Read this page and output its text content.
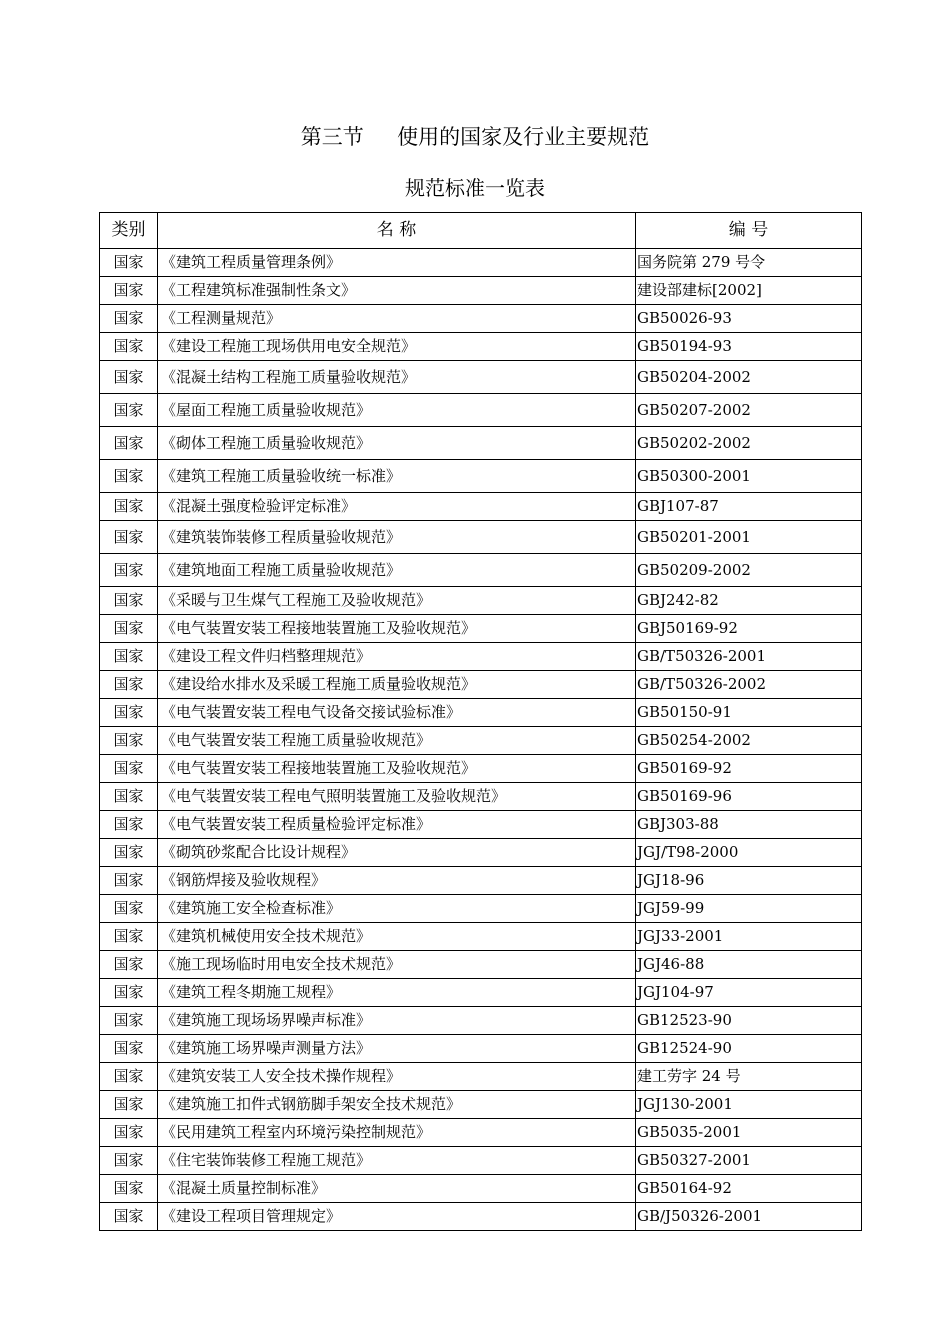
第三节     使用的国家及行业主要规范
规范标准一览表
类别	名 称	编 号
国家	《建筑工程质量管理条例》	国务院第 279 号令
国家	《工程建筑标准强制性条文》	建设部建标[2002]
国家	《工程测量规范》	GB50026-93
国家	《建设工程施工现场供用电安全规范》	GB50194-93
国家	《混凝土结构工程施工质量验收规范》	GB50204-2002
国家	《屋面工程施工质量验收规范》	GB50207-2002
国家	《砌体工程施工质量验收规范》	GB50202-2002
国家	《建筑工程施工质量验收统一标准》	GB50300-2001
国家	《混凝土强度检验评定标准》	GBJ107-87
国家	《建筑装饰装修工程质量验收规范》	GB50201-2001
国家	《建筑地面工程施工质量验收规范》	GB50209-2002
国家	《采暖与卫生煤气工程施工及验收规范》	GBJ242-82
国家	《电气装置安装工程接地装置施工及验收规范》	GBJ50169-92
国家	《建设工程文件归档整理规范》	GB/T50326-2001
国家	《建设给水排水及采暖工程施工质量验收规范》	GB/T50326-2002
国家	《电气装置安装工程电气设备交接试验标准》	GB50150-91
国家	《电气装置安装工程施工质量验收规范》	GB50254-2002
国家	《电气装置安装工程接地装置施工及验收规范》	GB50169-92
国家	《电气装置安装工程电气照明装置施工及验收规范》	GB50169-96
国家	《电气装置安装工程质量检验评定标准》	GBJ303-88
国家	《砌筑砂浆配合比设计规程》	JGJ/T98-2000
国家	《钢筋焊接及验收规程》	JGJ18-96
国家	《建筑施工安全检查标准》	JGJ59-99
国家	《建筑机械使用安全技术规范》	JGJ33-2001
国家	《施工现场临时用电安全技术规范》	JGJ46-88
国家	《建筑工程冬期施工规程》	JGJ104-97
国家	《建筑施工现场场界噪声标准》	GB12523-90
国家	《建筑施工场界噪声测量方法》	GB12524-90
国家	《建筑安装工人安全技术操作规程》	建工劳字 24 号
国家	《建筑施工扣件式钢筋脚手架安全技术规范》	JGJ130-2001
国家	《民用建筑工程室内环境污染控制规范》	GB5035-2001
国家	《住宅装饰装修工程施工规范》	GB50327-2001
国家	《混凝土质量控制标准》	GB50164-92
国家	《建设工程项目管理规定》	GB/J50326-2001
